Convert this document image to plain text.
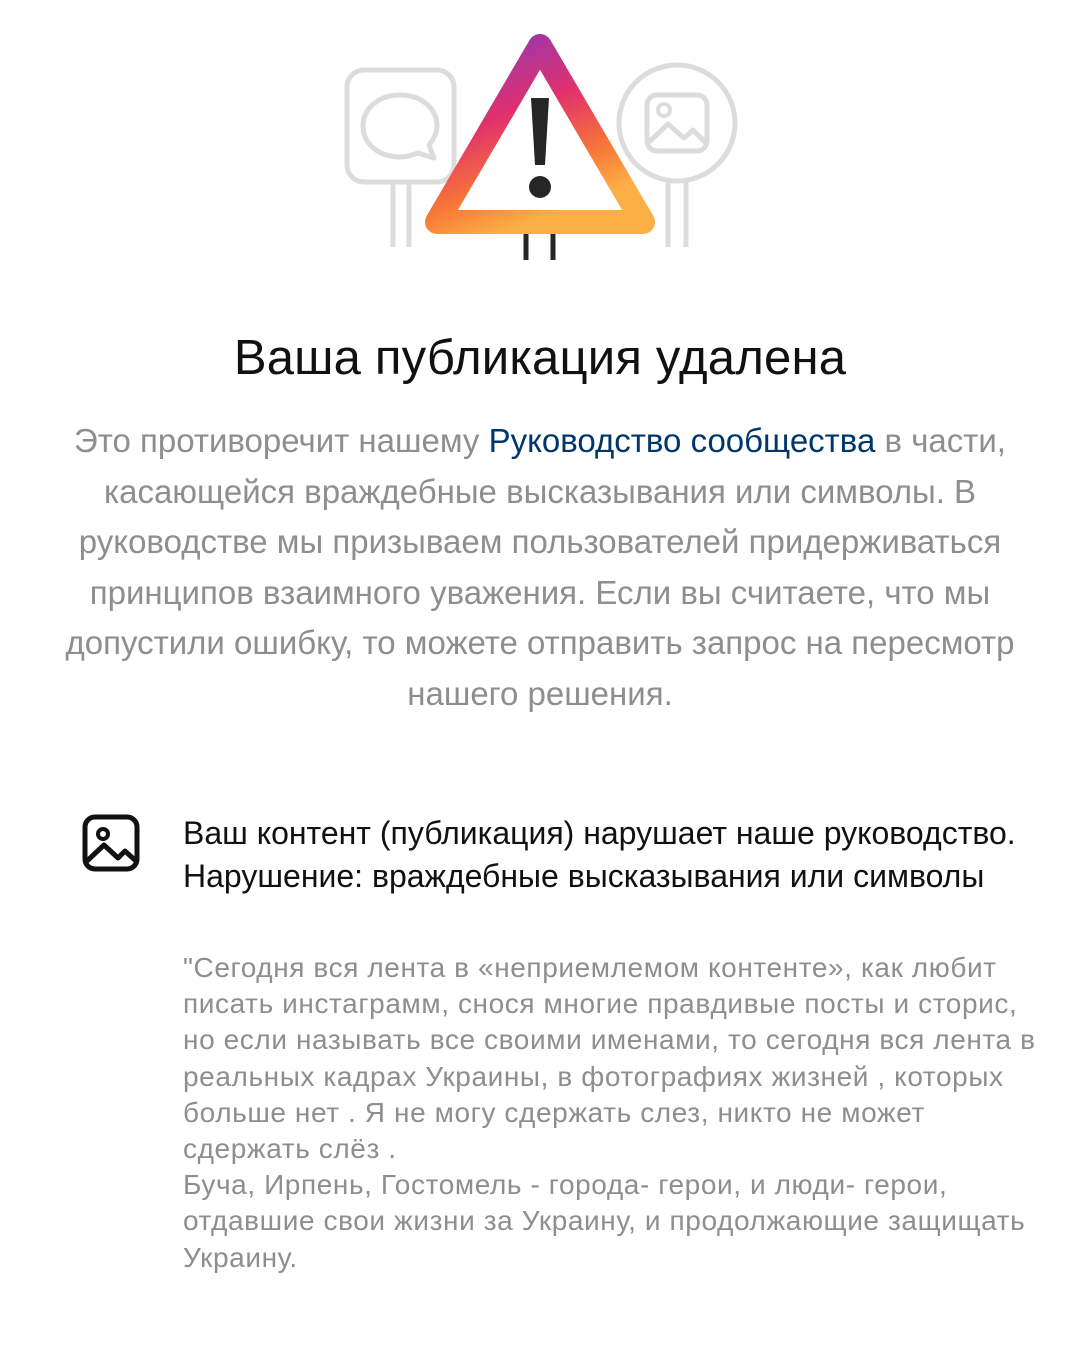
Ваша публикация удалена
Это противоречит нашему Руководство сообщества в части, касающейся враждебные высказывания или символы. В руководстве мы призываем пользователей придерживаться принципов взаимного уважения. Если вы считаете, что мы допустили ошибку, то можете отправить запрос на пересмотр нашего решения.
Ваш контент (публикация) нарушает наше руководство. Нарушение: враждебные высказывания или символы
"Сегодня вся лента в «неприемлемом контенте», как любит писать инстаграмм, снося многие правдивые посты и сторис, но если называть все своими именами, то сегодня вся лента в реальных кадрах Украины, в фотографиях жизней , которых больше нет . Я не могу сдержать слез, никто не может сдержать слёз .
Буча, Ирпень, Гостомель - города- герои, и люди- герои, отдавшие свои жизни за Украину, и продолжающие защищать Украину.
